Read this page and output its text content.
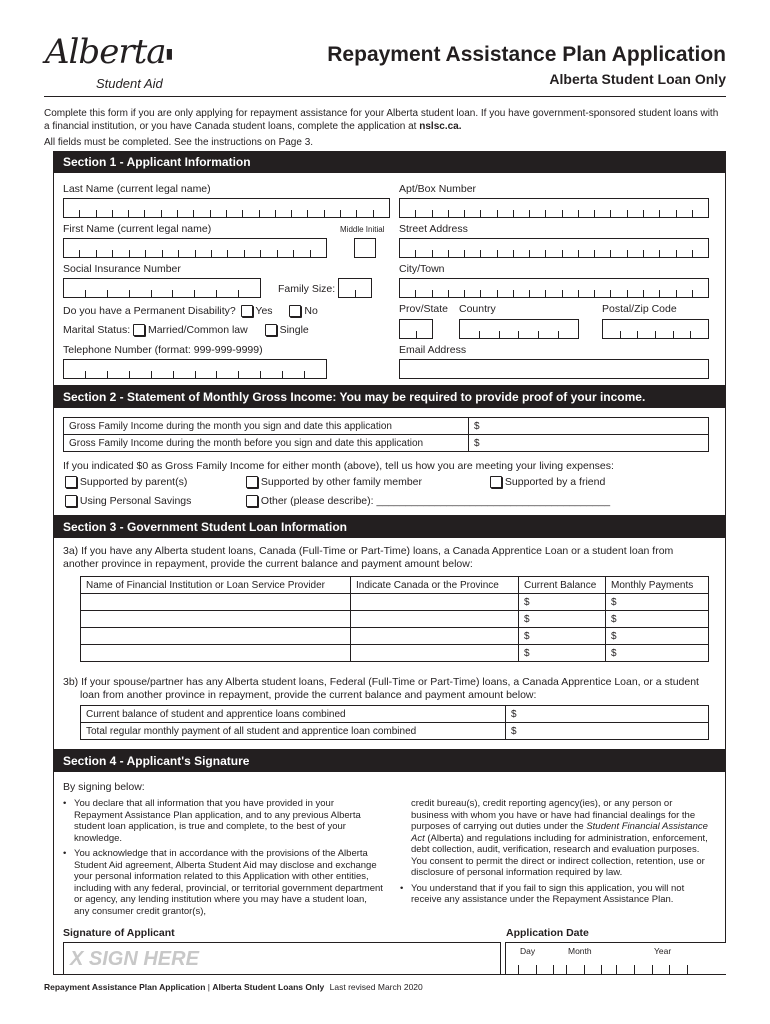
Alberta▮
Student Aid
Repayment Assistance Plan Application
Alberta Student Loan Only
Complete this form if you are only applying for repayment assistance for your Alberta student loan. If you have government-sponsored student loans with
a financial institution, or you have Canada student loans, complete the application at nslsc.ca.
All fields must be completed. See the instructions on Page 3.
Section 1 - Applicant Information
Last Name (current legal name)	Apt/Box Number
First Name (current legal name)	Middle Initial Street Address
Social Insurance Number
Family Size:
City/Town
Do you have a Permanent Disability? Yes	No
Marital Status: Married/Common law	Single
Prov/State Country	Postal/Zip Code
Telephone Number (format: 999-999-9999)	Email Address
Section 2 - Statement of Monthly Gross Income: You may be required to provide proof of your income.
Gross Family Income during the month you sign and date this application	$
Gross Family Income during the month before you sign and date this application	$
If you indicated $0 as Gross Family Income for either month (above), tell us how you are meeting your living expenses:
Supported by parent(s)	Supported by other family member	Supported by a friend
Using Personal Savings	Other (please describe): ________________________________________
Section 3 - Government Student Loan Information
3a) If you have any Alberta student loans, Canada (Full-Time or Part-Time) loans, a Canada Apprentice Loan or a student loan from
another province in repayment, provide the current balance and payment amount below:
Name of Financial Institution or Loan Service Provider	Indicate Canada or the Province	Current Balance	Monthly Payments
		$	$
		$	$
		$	$
		$	$
3b) If your spouse/partner has any Alberta student loans, Federal (Full-Time or Part-Time) loans, a Canada Apprentice Loan, or a student
loan from another province in repayment, provide the current balance and payment amount below:
Current balance of student and apprentice loans combined	$
Total regular monthly payment of all student and apprentice loan combined	$
Section 4 - Applicant's Signature
By signing below:
• You declare that all information that you have provided in your Repayment Assistance Plan application, and to any previous Alberta student loan application, is true and complete, to the best of your knowledge.
• You acknowledge that in accordance with the provisions of the Alberta Student Aid agreement, Alberta Student Aid may disclose and exchange your personal information related to this Application with other entities, including with any federal, provincial, or territorial government department or agency, any lending institution where you may have a student loan, any consumer credit grantor(s),
credit bureau(s), credit reporting agency(ies), or any person or business with whom you have or have had financial dealings for the purposes of carrying out duties under the Student Financial Assistance Act (Alberta) and regulations including for administration, enforcement, debt collection, audit, verification, research and evaluation purposes. You consent to permit the direct or indirect collection, retention, use or disclosure of personal information required by law.
• You understand that if you fail to sign this application, you will not receive any assistance under the Repayment Assistance Plan.
Signature of Applicant
X SIGN HERE
Application Date
Day	Month	Year
Repayment Assistance Plan Application | Alberta Student Loans Only Last revised March 2020
